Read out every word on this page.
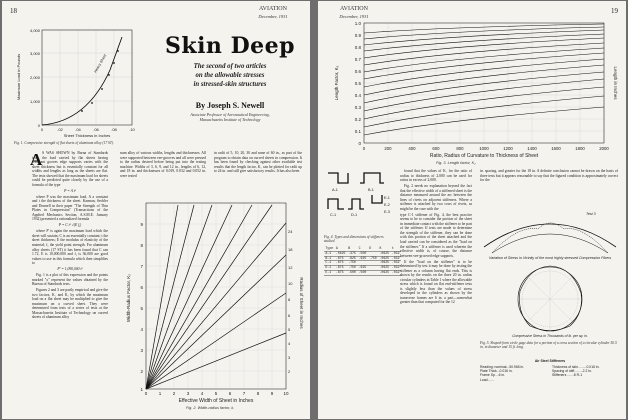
18	AVIATION
December, 1931
Heavy Sheet
4,000
3,000
2,000
1,000
0
0	.02	.04	.06	.08	.10
Sheet Thickness in Inches
Maximum Load in Pounds
Fig. 1. Compressive strength of flat sheets of aluminum alloy (17 ST).
Skin Deep
The second of two articles
on the allowable stresses
in stressed-skin structures
By Joseph S. Newell
Associate Professor of Aeronautical Engineering,
Massachusetts Institute of Technology
A S WAS SHOWN by Barna of Standards tests, the load carried by flat sheets having reentrant gooves edge supports varies with the sheet thickness but is essentially constant for all widths and lengths as long as the sheets are flat. The tests showed that the maximum load for sheets could be predicted quite closely by the use of a formula of the type

P = A t²

where P was the maximum load, A a constant and t the thickness of the sheet. Karman, Sechler and Donnell in their paper "The Strength of Thin Plates in Compression" (Transactions of the Applied Mechanics Section, A.S.M.E. January 1932) presented a rationalized formula

P = C t² √(E fᵧ)

where P' is again the maximum load which the sheet will sustain; C is an essentially constant; t the sheet thickness; E the modulus of elasticity of the material; fᵧ the yield point strength. For aluminum alloy sheets (17 ST) it has been found that C can 1.72, E is 10,000,000 and fᵧ is 36,000 are good values to use in this formula which then simplifies to

P' = 1,090,000 t²

Fig. 1 is a plot of this expression and the points marked "x" represent the values obtained by the Bureau of Standards tests.

Figures 2 and 3 are partly empirical and give the two factors, K₁ and K₂ by which the maximum load on a flat sheet may be multiplied to give the maximum on a curved sheet. They were determined from tests of a series of tests at the Massachusetts Institute of Technology on curved sheets of aluminum alloy

num alloy of various widths, lengths and thicknesses. All were supported between vee-grooves and all were pressed to the radius desired before being put into the testing machine. Widths of 3, 6, 9, and 12 in., lengths of 6, 12, and 18 in. and thicknesses of 0.019, 0.032 and 0.052 in. were tested

in radii of 5, 10, 20, 30 and none of 60 in., as part of the program to obtain data on curved sheets in compression. It has been found by checking against other available test results that the length factor, K₂ can be plotted for radii up to 24 in. and still give satisfactory results. It has also been

9
8
7
6
5
4
3
2
1
24
18
12
10
8
6
5
4
3
2
0	1	2	3	4	5	6	7	8	9 10
Effective Width of Sheet in Inches
Width-Radius Factor, K₂	Radius of Sheet in Inches
Fig. 2. Width-radius factor, k.
AVIATION
December, 1931
19
1.0
0.9
0.8
0.7
0.6
0.5
0.4
0.3
0.2
0.1
0
0	200	400	600	800	1000	1200	1400	1600	1800	2000
Ratio, Radius of Curvature to Thickness of Sheet
Length Factor, K₂	Length in Inches
Fig. 3. Length factor, K₂
A-1	B-1
C-1	D-1
E-1
E-2
E-3
Fig. 4. Types and dimensions of stiffeners studied.
Type	A	B	C	D	K	t
A-1	.5625	.375	.500		.0625	.032
B-1	.875	.625	.625	.750	.0625	.032
C-1	.875	.750			.0625	.032
D-1	.875	.750	.625		.0625	.032
E-1	.875	.500	.500		.0625	.032

found that the values of K₁ for the ratio of radius to thickness of 2,000 can be used for ratios in excess of 2,000.

Fig. 2 needs no explanation beyond the fact that the effective width of a stiffened sheet is the distance measured around the arc between the lines of rivets on adjacent stiffeners. Where a stiffener is attached by two rows of rivets, as might be the case with the

type C-1 stiffener of Fig. 4, the best practice seems to be to consider the portion of the sheet in immediate contact with the stiffener to be part of the stiffener. If tests are made to determine the strength of the stiffener, they can be done with this portion of the sheet attached and the load carried can be considered as the "load on the stiffener." If a stiffener is used wherein the effective width is, of course, the distance between vee-grooved edge supports.

If the "load on the stiffener" is to be determined by test it may be done by testing the stiffener as a column having flat ends. This is shown by the results on the three 20 in. radius circular cylinders in Table 1 where the allowable stress which is found on flat end-stiffener tests is slightly less than the values of stress developed in the cylinders as shown by the transverse frames are 6 in. a part—somewhat greater than that computed for the 12

in. spacing, and greater for the 18 in. A definite conclusion cannot be drawn on the basis of three tests but it appears reasonable to say that the figured condition is approximately correct for the

Test 3
Variation of Stress in Vicinity of the most highly stressed Compression Fibers
Compressive Stress in Thousands of lb. per sq. in.
Fig. 5. Shaped-form circle gage data for a portion of a cross section of a circular cylinder 50.5 in. in diameter and 15 ft. long.
Air Steel Stiffeners
Reading: nominal...50.965 in.
Plate Thick...0.016 in.
Frame Sp....6 in.
Load.......
Thickness of skin.........0.016 in.
Spacing of stiff.........2.2 in.
Stiffeners .......8 R-1
